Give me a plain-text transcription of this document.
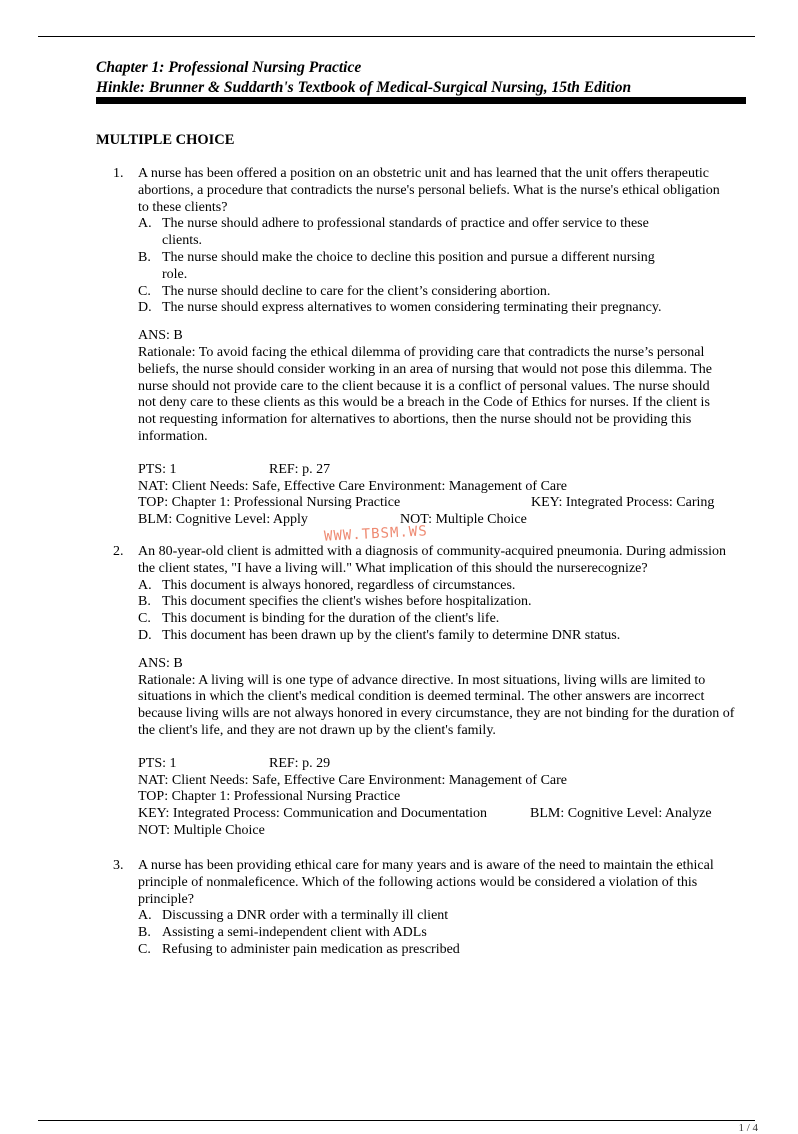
Chapter 1: Professional Nursing Practice
Hinkle: Brunner & Suddarth's Textbook of Medical-Surgical Nursing, 15th Edition
MULTIPLE CHOICE
1. A nurse has been offered a position on an obstetric unit and has learned that the unit offers therapeutic abortions, a procedure that contradicts the nurse's personal beliefs. What is the nurse's ethical obligation to these clients?
A. The nurse should adhere to professional standards of practice and offer service to these clients.
B. The nurse should make the choice to decline this position and pursue a different nursing role.
C. The nurse should decline to care for the client’s considering abortion.
D. The nurse should express alternatives to women considering terminating their pregnancy.
ANS: B
Rationale: To avoid facing the ethical dilemma of providing care that contradicts the nurse’s personal beliefs, the nurse should consider working in an area of nursing that would not pose this dilemma. The nurse should not provide care to the client because it is a conflict of personal values. The nurse should not deny care to these clients as this would be a breach in the Code of Ethics for nurses. If the client is not requesting information for alternatives to abortions, then the nurse should not be providing this information.
PTS: 1	REF: p. 27
NAT: Client Needs: Safe, Effective Care Environment: Management of Care
TOP: Chapter 1: Professional Nursing Practice	KEY: Integrated Process: Caring
BLM: Cognitive Level: Apply	NOT: Multiple Choice
WWW.TBSM.WS
2. An 80-year-old client is admitted with a diagnosis of community-acquired pneumonia. During admission the client states, "I have a living will." What implication of this should the nurserecognize?
A. This document is always honored, regardless of circumstances.
B. This document specifies the client's wishes before hospitalization.
C. This document is binding for the duration of the client's life.
D. This document has been drawn up by the client's family to determine DNR status.
ANS: B
Rationale: A living will is one type of advance directive. In most situations, living wills are limited to situations in which the client's medical condition is deemed terminal. The other answers are incorrect because living wills are not always honored in every circumstance, they are not binding for the duration of the client's life, and they are not drawn up by the client's family.
PTS: 1	REF: p. 29
NAT: Client Needs: Safe, Effective Care Environment: Management of Care
TOP: Chapter 1: Professional Nursing Practice
KEY: Integrated Process: Communication and Documentation	BLM: Cognitive Level: Analyze
NOT: Multiple Choice
3. A nurse has been providing ethical care for many years and is aware of the need to maintain the ethical principle of nonmaleficence. Which of the following actions would be considered a violation of this principle?
A. Discussing a DNR order with a terminally ill client
B. Assisting a semi-independent client with ADLs
C. Refusing to administer pain medication as prescribed
1 / 4
